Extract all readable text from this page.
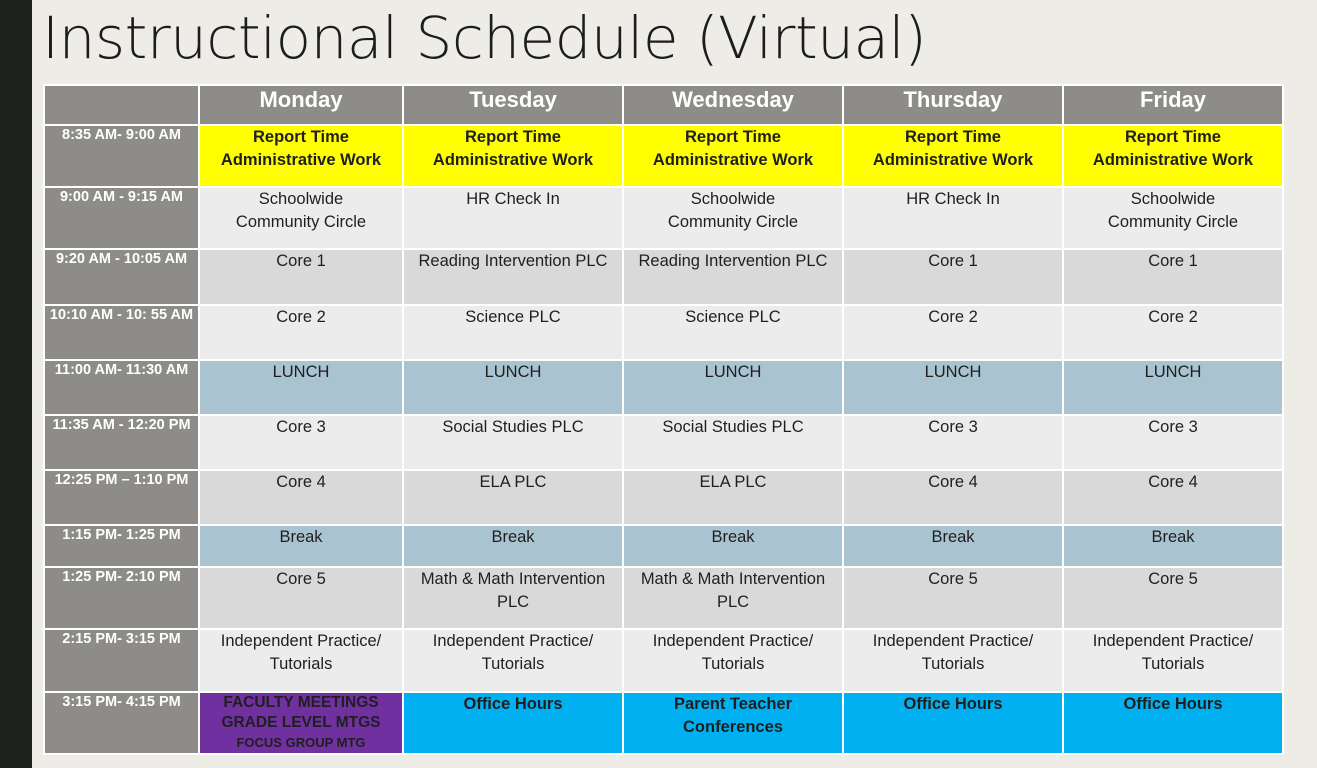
Instructional Schedule (Virtual)
	Monday	Tuesday	Wednesday	Thursday	Friday
8:35 AM- 9:00 AM	Report Time
Administrative Work	Report Time
Administrative Work	Report Time
Administrative Work	Report Time
Administrative Work	Report Time
Administrative Work

9:00 AM - 9:15 AM	Schoolwide
Community Circle	HR Check In	Schoolwide
Community Circle	HR Check In	Schoolwide
Community Circle

9:20 AM - 10:05 AM	Core 1	Reading Intervention PLC	Reading Intervention PLC	Core 1	Core 1

10:10 AM - 10: 55 AM	Core 2	Science PLC	Science PLC	Core 2	Core 2

11:00 AM- 11:30 AM	LUNCH	LUNCH	LUNCH	LUNCH	LUNCH

11:35 AM - 12:20 PM	Core 3	Social Studies PLC	Social Studies PLC	Core 3	Core 3

12:25 PM – 1:10 PM	Core 4	ELA PLC	ELA PLC	Core 4	Core 4

1:15 PM- 1:25 PM	Break	Break	Break	Break	Break

1:25 PM- 2:10 PM	Core 5	Math & Math Intervention
PLC	Math & Math Intervention
PLC	Core 5	Core 5

2:15 PM- 3:15 PM	Independent Practice/
Tutorials	Independent Practice/
Tutorials	Independent Practice/
Tutorials	Independent Practice/
Tutorials	Independent Practice/
Tutorials

3:15 PM- 4:15 PM	FACULTY MEETINGS
GRADE LEVEL MTGS
FOCUS GROUP MTG	Office Hours	Parent Teacher
Conferences	Office Hours	Office Hours
